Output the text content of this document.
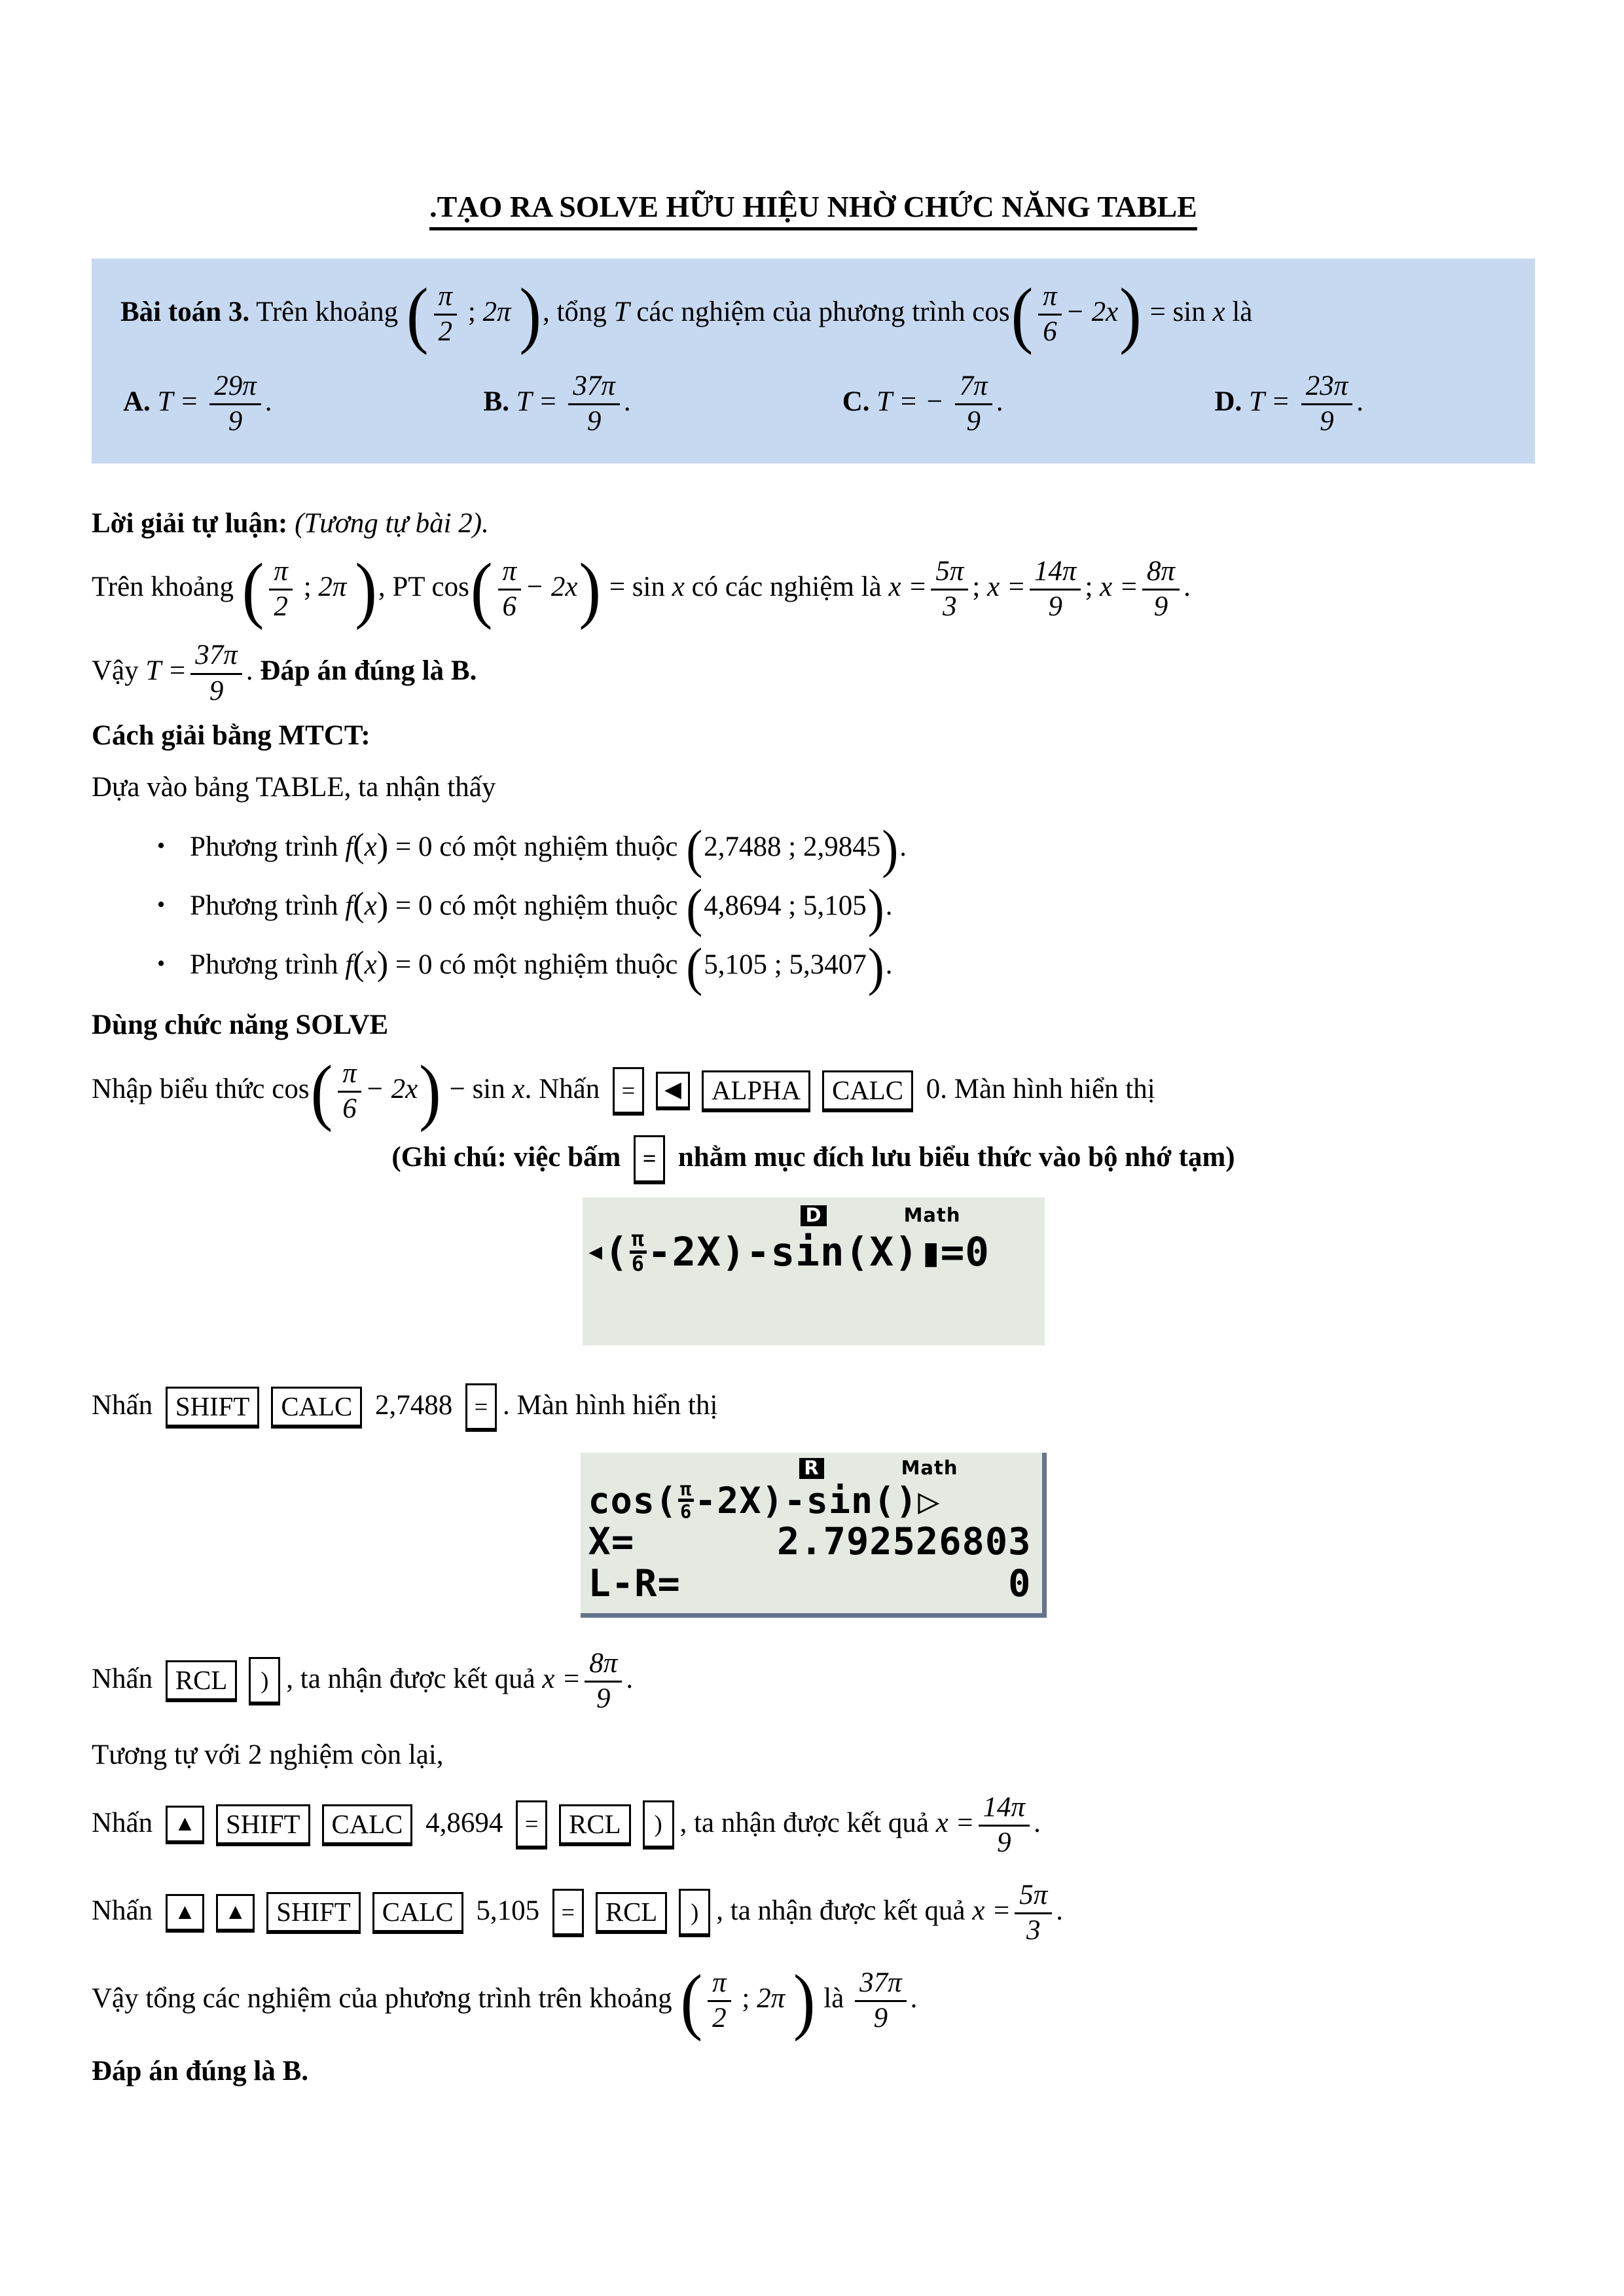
.TẠO RA SOLVE HỮU HIỆU NHỜ CHỨC NĂNG TABLE

Bài toán 3. Trên khoảng ( $\frac{\pi}{2}$ ; 2π ), tổng T các nghiệm của phương trình $\cos( \frac{\pi}{6} - 2x) = \sin x$ là

A. $T = \frac{29\pi}{9}$ .	B. $T = \frac{37\pi}{9}$ .	C. T = − $\frac{7\pi}{9}$ .	D. $T = \frac{23\pi}{9}$ .

Lời giải tự luận: (Tương tự bài 2).

Trên khoảng ( $\frac{\pi}{2}$ ; 2π ), PT $\cos( \frac{\pi}{6} - 2x) = \sin x$ có các nghiệm là $x = \frac{5\pi}{3}$ ; $x = \frac{14\pi}{9}$ ; $x = \frac{8\pi}{9}$ .

Vậy $T = \frac{37\pi}{9}$ . Đáp án đúng là B.

Cách giải bằng MTCT:

Dựa vào bảng TABLE, ta nhận thấy

• Phương trình f(x) = 0 có một nghiệm thuộc (2,7488 ; 2,9845).
• Phương trình f(x) = 0 có một nghiệm thuộc (4,8694 ; 5,105).
• Phương trình f(x) = 0 có một nghiệm thuộc (5,105 ; 5,3407).

Dùng chức năng SOLVE

Nhập biểu thức $\cos( \frac{\pi}{6} - 2x) - \sin x$. Nhấn = ◀ ALPHA CALC 0. Màn hình hiển thị

(Ghi chú: việc bấm = nhằm mục đích lưu biểu thức vào bộ nhớ tạm)

D	Math
◀ ( π
6 -2X ) -sin(X) ▮
=0

Nhấn SHIFT CALC 2,7488 = . Màn hình hiển thị

R	Math
cos( π
6 -2X)-sin() ▷
X=	2.792526803
L-R=	0

Nhấn RCL ) , ta nhận được kết quả $x = \frac{8\pi}{9}$ .

Tương tự với 2 nghiệm còn lại,

Nhấn ▲ SHIFT CALC 4,8694 = RCL ) , ta nhận được kết quả $x = \frac{14\pi}{9}$ .

Nhấn ▲ ▲ SHIFT CALC 5,105 = RCL ) , ta nhận được kết quả $x = \frac{5\pi}{3}$ .

Vậy tổng các nghiệm của phương trình trên khoảng ( $\frac{\pi}{2}$ ; 2π ) là $\frac{37\pi}{9}$ .

Đáp án đúng là B.
